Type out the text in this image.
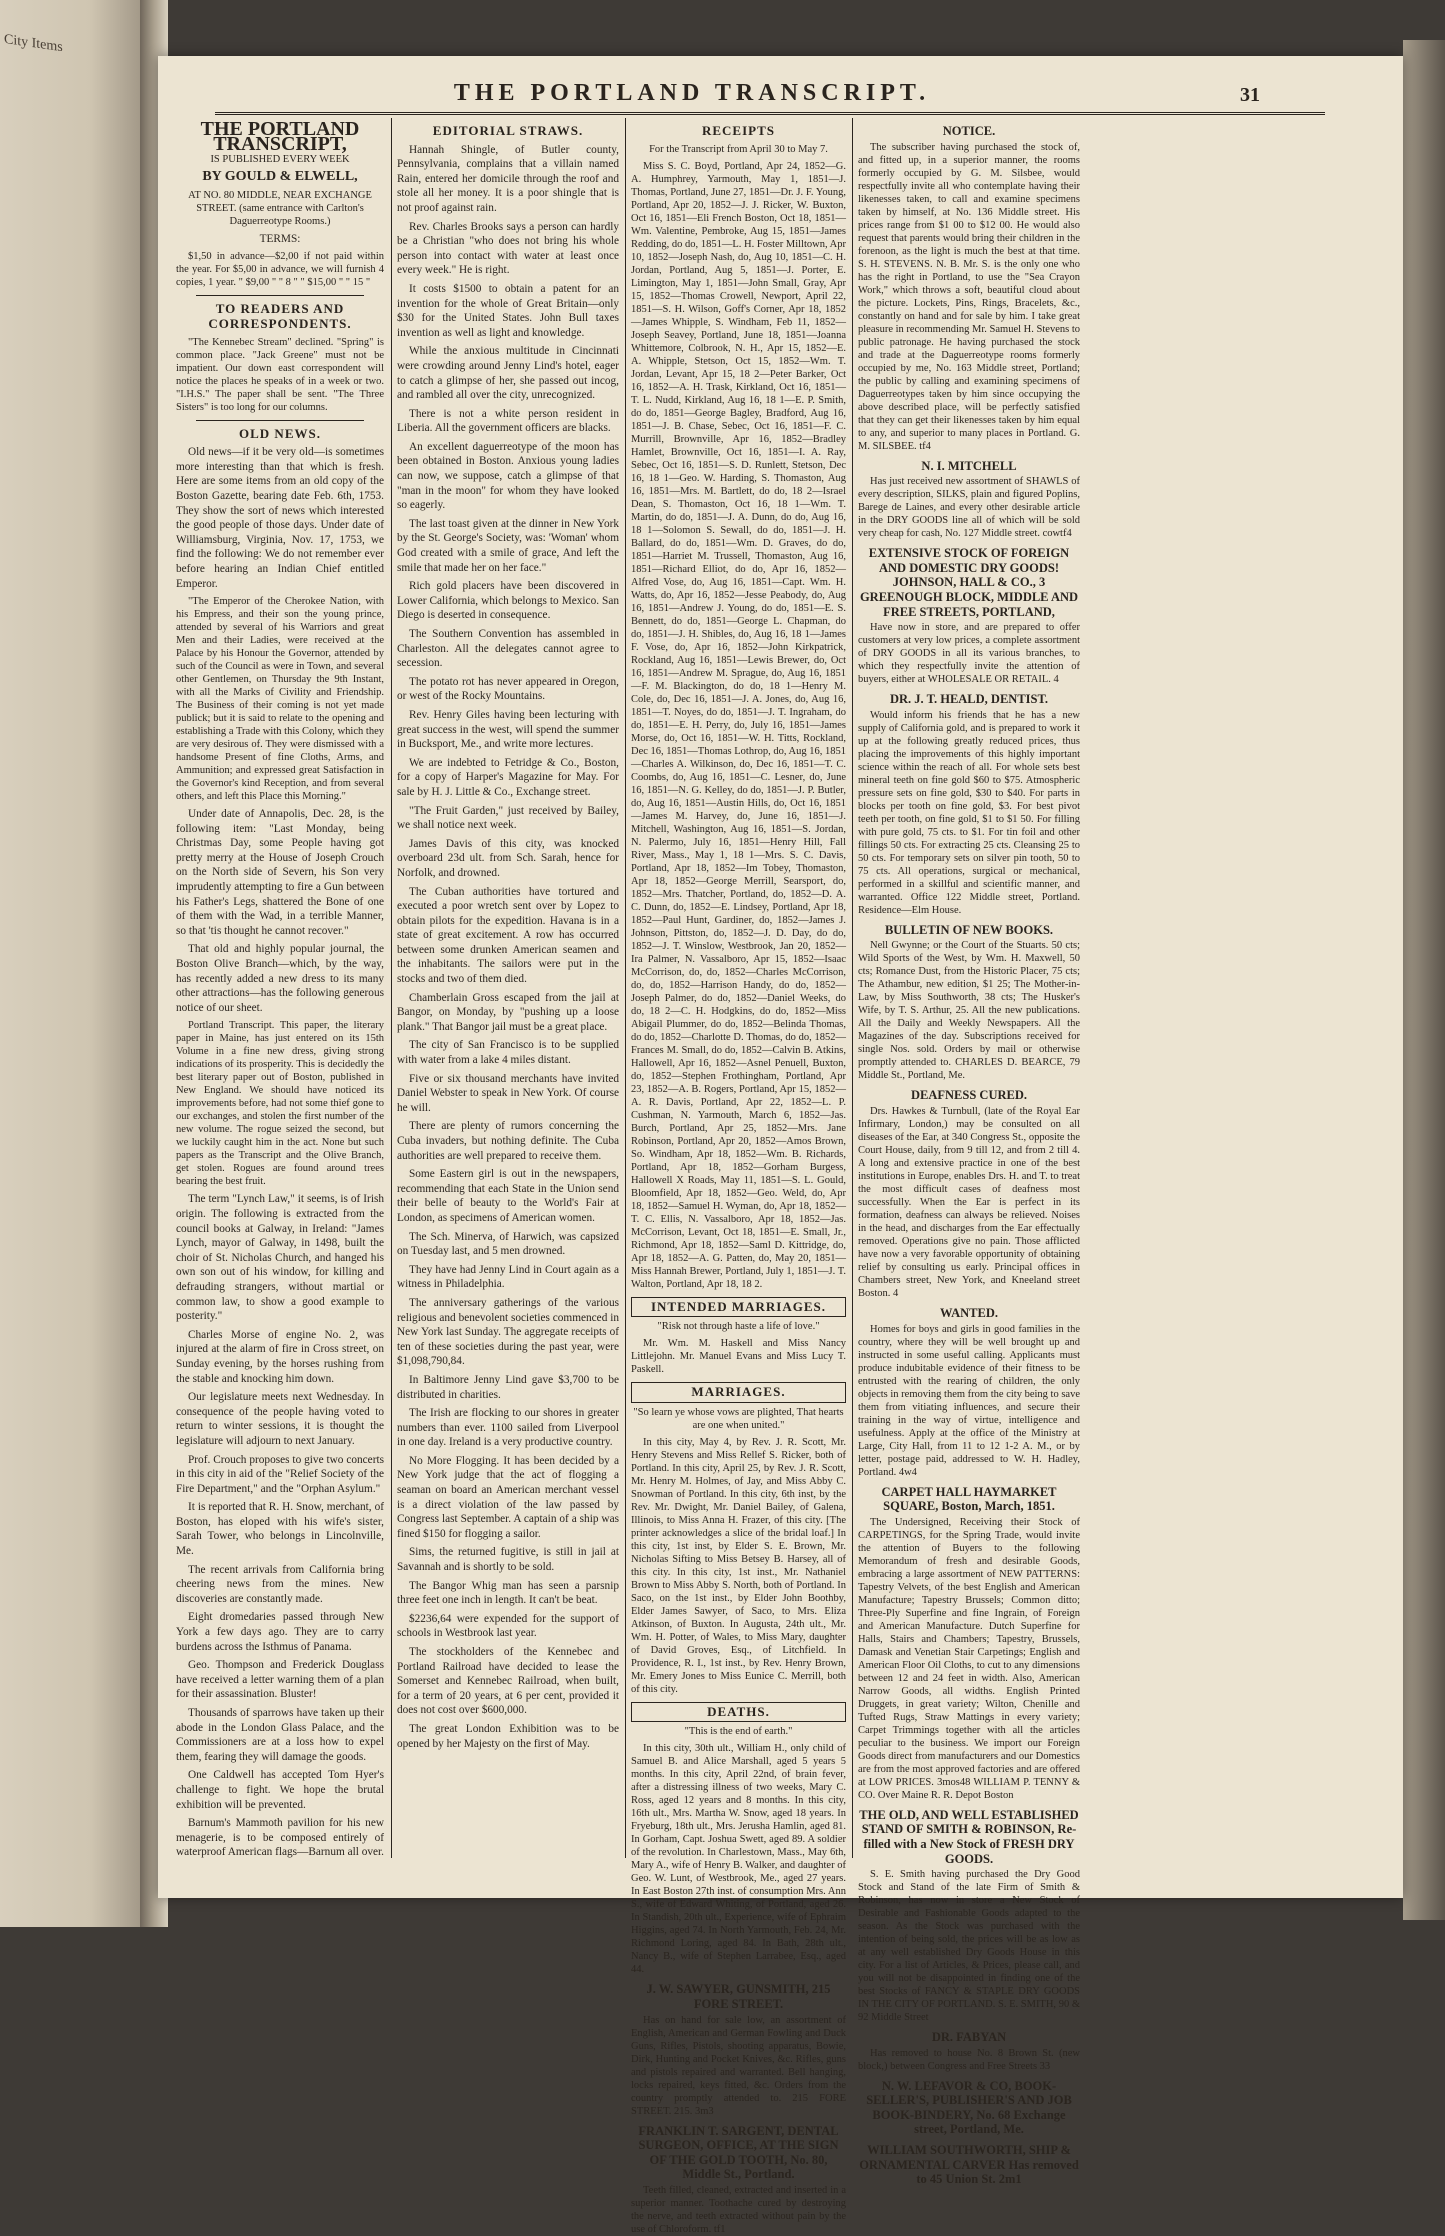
City Items
THE PORTLAND TRANSCRIPT.	31
THE PORTLAND TRANSCRIPT,

IS PUBLISHED EVERY WEEK

BY GOULD & ELWELL,

AT NO. 80 MIDDLE, NEAR EXCHANGE STREET. (same entrance with Carlton's Daguerreotype Rooms.)

TERMS:

$1,50 in advance—$2,00 if not paid within the year. For $5,00 in advance, we will furnish 4 copies, 1 year. " $9,00 " " 8 " " $15,00 " " 15 "

TO READERS AND CORRESPONDENTS.

"The Kennebec Stream" declined. "Spring" is common place. "Jack Greene" must not be impatient. Our down east correspondent will notice the places he speaks of in a week or two. "I.H.S." The paper shall be sent. "The Three Sisters" is too long for our columns.

OLD NEWS.

Old news—if it be very old—is sometimes more interesting than that which is fresh. Here are some items from an old copy of the Boston Gazette, bearing date Feb. 6th, 1753. They show the sort of news which interested the good people of those days. Under date of Williamsburg, Virginia, Nov. 17, 1753, we find the following: We do not remember ever before hearing an Indian Chief entitled Emperor.

"The Emperor of the Cherokee Nation, with his Empress, and their son the young prince, attended by several of his Warriors and great Men and their Ladies, were received at the Palace by his Honour the Governor, attended by such of the Council as were in Town, and several other Gentlemen, on Thursday the 9th Instant, with all the Marks of Civility and Friendship. The Business of their coming is not yet made publick; but it is said to relate to the opening and establishing a Trade with this Colony, which they are very desirous of. They were dismissed with a handsome Present of fine Cloths, Arms, and Ammunition; and expressed great Satisfaction in the Governor's kind Reception, and from several others, and left this Place this Morning."

Under date of Annapolis, Dec. 28, is the following item: "Last Monday, being Christmas Day, some People having got pretty merry at the House of Joseph Crouch on the North side of Severn, his Son very imprudently attempting to fire a Gun between his Father's Legs, shattered the Bone of one of them with the Wad, in a terrible Manner, so that 'tis thought he cannot recover."

That old and highly popular journal, the Boston Olive Branch—which, by the way, has recently added a new dress to its many other attractions—has the following generous notice of our sheet.

Portland Transcript. This paper, the literary paper in Maine, has just entered on its 15th Volume in a fine new dress, giving strong indications of its prosperity. This is decidedly the best literary paper out of Boston, published in New England. We should have noticed its improvements before, had not some thief gone to our exchanges, and stolen the first number of the new volume. The rogue seized the second, but we luckily caught him in the act. None but such papers as the Transcript and the Olive Branch, get stolen. Rogues are found around trees bearing the best fruit.

The term "Lynch Law," it seems, is of Irish origin. The following is extracted from the council books at Galway, in Ireland: "James Lynch, mayor of Galway, in 1498, built the choir of St. Nicholas Church, and hanged his own son out of his window, for killing and defrauding strangers, without martial or common law, to show a good example to posterity."

Charles Morse of engine No. 2, was injured at the alarm of fire in Cross street, on Sunday evening, by the horses rushing from the stable and knocking him down.

Our legislature meets next Wednesday. In consequence of the people having voted to return to winter sessions, it is thought the legislature will adjourn to next January.

Prof. Crouch proposes to give two concerts in this city in aid of the "Relief Society of the Fire Department," and the "Orphan Asylum."

It is reported that R. H. Snow, merchant, of Boston, has eloped with his wife's sister, Sarah Tower, who belongs in Lincolnville, Me.

The recent arrivals from California bring cheering news from the mines. New discoveries are constantly made.

Eight dromedaries passed through New York a few days ago. They are to carry burdens across the Isthmus of Panama.

Geo. Thompson and Frederick Douglass have received a letter warning them of a plan for their assassination. Bluster!

Thousands of sparrows have taken up their abode in the London Glass Palace, and the Commissioners are at a loss how to expel them, fearing they will damage the goods.

One Caldwell has accepted Tom Hyer's challenge to fight. We hope the brutal exhibition will be prevented.

Barnum's Mammoth pavilion for his new menagerie, is to be composed entirely of waterproof American flags—Barnum all over.

EDITORIAL STRAWS.

Hannah Shingle, of Butler county, Pennsylvania, complains that a villain named Rain, entered her domicile through the roof and stole all her money. It is a poor shingle that is not proof against rain.

Rev. Charles Brooks says a person can hardly be a Christian "who does not bring his whole person into contact with water at least once every week." He is right.

It costs $1500 to obtain a patent for an invention for the whole of Great Britain—only $30 for the United States. John Bull taxes invention as well as light and knowledge.

While the anxious multitude in Cincinnati were crowding around Jenny Lind's hotel, eager to catch a glimpse of her, she passed out incog, and rambled all over the city, unrecognized.

There is not a white person resident in Liberia. All the government officers are blacks.

An excellent daguerreotype of the moon has been obtained in Boston. Anxious young ladies can now, we suppose, catch a glimpse of that "man in the moon" for whom they have looked so eagerly.

The last toast given at the dinner in New York by the St. George's Society, was: 'Woman' whom God created with a smile of grace, And left the smile that made her on her face."

Rich gold placers have been discovered in Lower California, which belongs to Mexico. San Diego is deserted in consequence.

The Southern Convention has assembled in Charleston. All the delegates cannot agree to secession.

The potato rot has never appeared in Oregon, or west of the Rocky Mountains.

Rev. Henry Giles having been lecturing with great success in the west, will spend the summer in Bucksport, Me., and write more lectures.

We are indebted to Fetridge & Co., Boston, for a copy of Harper's Magazine for May. For sale by H. J. Little & Co., Exchange street.

"The Fruit Garden," just received by Bailey, we shall notice next week.

James Davis of this city, was knocked overboard 23d ult. from Sch. Sarah, hence for Norfolk, and drowned.

The Cuban authorities have tortured and executed a poor wretch sent over by Lopez to obtain pilots for the expedition. Havana is in a state of great excitement. A row has occurred between some drunken American seamen and the inhabitants. The sailors were put in the stocks and two of them died.

Chamberlain Gross escaped from the jail at Bangor, on Monday, by "pushing up a loose plank." That Bangor jail must be a great place.

The city of San Francisco is to be supplied with water from a lake 4 miles distant.

Five or six thousand merchants have invited Daniel Webster to speak in New York. Of course he will.

There are plenty of rumors concerning the Cuba invaders, but nothing definite. The Cuba authorities are well prepared to receive them.

Some Eastern girl is out in the newspapers, recommending that each State in the Union send their belle of beauty to the World's Fair at London, as specimens of American women.

The Sch. Minerva, of Harwich, was capsized on Tuesday last, and 5 men drowned.

They have had Jenny Lind in Court again as a witness in Philadelphia.

The anniversary gatherings of the various religious and benevolent societies commenced in New York last Sunday. The aggregate receipts of ten of these societies during the past year, were $1,098,790,84.

In Baltimore Jenny Lind gave $3,700 to be distributed in charities.

The Irish are flocking to our shores in greater numbers than ever. 1100 sailed from Liverpool in one day. Ireland is a very productive country.

No More Flogging. It has been decided by a New York judge that the act of flogging a seaman on board an American merchant vessel is a direct violation of the law passed by Congress last September. A captain of a ship was fined $150 for flogging a sailor.

Sims, the returned fugitive, is still in jail at Savannah and is shortly to be sold.

The Bangor Whig man has seen a parsnip three feet one inch in length. It can't be beat.

$2236,64 were expended for the support of schools in Westbrook last year.

The stockholders of the Kennebec and Portland Railroad have decided to lease the Somerset and Kennebec Railroad, when built, for a term of 20 years, at 6 per cent, provided it does not cost over $600,000.

The great London Exhibition was to be opened by her Majesty on the first of May.

RECEIPTS

For the Transcript from April 30 to May 7.

Miss S. C. Boyd, Portland, Apr 24, 1852—G. A. Humphrey, Yarmouth, May 1, 1851—J. Thomas, Portland, June 27, 1851—Dr. J. F. Young, Portland, Apr 20, 1852—J. J. Ricker, W. Buxton, Oct 16, 1851—Eli French Boston, Oct 18, 1851—Wm. Valentine, Pembroke, Aug 15, 1851—James Redding, do do, 1851—L. H. Foster Milltown, Apr 10, 1852—Joseph Nash, do, Aug 10, 1851—C. H. Jordan, Portland, Aug 5, 1851—J. Porter, E. Limington, May 1, 1851—John Small, Gray, Apr 15, 1852—Thomas Crowell, Newport, April 22, 1851—S. H. Wilson, Goff's Corner, Apr 18, 1852—James Whipple, S. Windham, Feb 11, 1852—Joseph Seavey, Portland, June 18, 1851—Joanna Whittemore, Colbrook, N. H., Apr 15, 1852—E. A. Whipple, Stetson, Oct 15, 1852—Wm. T. Jordan, Levant, Apr 15, 18 2—Peter Barker, Oct 16, 1852—A. H. Trask, Kirkland, Oct 16, 1851—T. L. Nudd, Kirkland, Aug 16, 18 1—E. P. Smith, do do, 1851—George Bagley, Bradford, Aug 16, 1851—J. B. Chase, Sebec, Oct 16, 1851—F. C. Murrill, Brownville, Apr 16, 1852—Bradley Hamlet, Brownville, Oct 16, 1851—I. A. Ray, Sebec, Oct 16, 1851—S. D. Runlett, Stetson, Dec 16, 18 1—Geo. W. Harding, S. Thomaston, Aug 16, 1851—Mrs. M. Bartlett, do do, 18 2—Israel Dean, S. Thomaston, Oct 16, 18 1—Wm. T. Martin, do do, 1851—J. A. Dunn, do do, Aug 16, 18 1—Solomon S. Sewall, do do, 1851—J. H. Ballard, do do, 1851—Wm. D. Graves, do do, 1851—Harriet M. Trussell, Thomaston, Aug 16, 1851—Richard Elliot, do do, Apr 16, 1852—Alfred Vose, do, Aug 16, 1851—Capt. Wm. H. Watts, do, Apr 16, 1852—Jesse Peabody, do, Aug 16, 1851—Andrew J. Young, do do, 1851—E. S. Bennett, do do, 1851—George L. Chapman, do do, 1851—J. H. Shibles, do, Aug 16, 18 1—James F. Vose, do, Apr 16, 1852—John Kirkpatrick, Rockland, Aug 16, 1851—Lewis Brewer, do, Oct 16, 1851—Andrew M. Sprague, do, Aug 16, 1851—F. M. Blackington, do do, 18 1—Henry M. Cole, do, Dec 16, 1851—J. A. Jones, do, Aug 16, 1851—T. Noyes, do do, 1851—J. T. Ingraham, do do, 1851—E. H. Perry, do, July 16, 1851—James Morse, do, Oct 16, 1851—W. H. Titts, Rockland, Dec 16, 1851—Thomas Lothrop, do, Aug 16, 1851—Charles A. Wilkinson, do, Dec 16, 1851—T. C. Coombs, do, Aug 16, 1851—C. Lesner, do, June 16, 1851—N. G. Kelley, do do, 1851—J. P. Butler, do, Aug 16, 1851—Austin Hills, do, Oct 16, 1851—James M. Harvey, do, June 16, 1851—J. Mitchell, Washington, Aug 16, 1851—S. Jordan, N. Palermo, July 16, 1851—Henry Hill, Fall River, Mass., May 1, 18 1—Mrs. S. C. Davis, Portland, Apr 18, 1852—Im Tobey, Thomaston, Apr 18, 1852—George Merrill, Searsport, do, 1852—Mrs. Thatcher, Portland, do, 1852—D. A. C. Dunn, do, 1852—E. Lindsey, Portland, Apr 18, 1852—Paul Hunt, Gardiner, do, 1852—James J. Johnson, Pittston, do, 1852—J. D. Day, do do, 1852—J. T. Winslow, Westbrook, Jan 20, 1852—Ira Palmer, N. Vassalboro, Apr 15, 1852—Isaac McCorrison, do, do, 1852—Charles McCorrison, do, do, 1852—Harrison Handy, do do, 1852—Joseph Palmer, do do, 1852—Daniel Weeks, do do, 18 2—C. H. Hodgkins, do do, 1852—Miss Abigail Plummer, do do, 1852—Belinda Thomas, do do, 1852—Charlotte D. Thomas, do do, 1852—Frances M. Small, do do, 1852—Calvin B. Atkins, Hallowell, Apr 16, 1852—Asnel Penuell, Buxton, do, 1852—Stephen Frothingham, Portland, Apr 23, 1852—A. B. Rogers, Portland, Apr 15, 1852—A. R. Davis, Portland, Apr 22, 1852—L. P. Cushman, N. Yarmouth, March 6, 1852—Jas. Burch, Portland, Apr 25, 1852—Mrs. Jane Robinson, Portland, Apr 20, 1852—Amos Brown, So. Windham, Apr 18, 1852—Wm. B. Richards, Portland, Apr 18, 1852—Gorham Burgess, Hallowell X Roads, May 11, 1851—S. L. Gould, Bloomfield, Apr 18, 1852—Geo. Weld, do, Apr 18, 1852—Samuel H. Wyman, do, Apr 18, 1852—T. C. Ellis, N. Vassalboro, Apr 18, 1852—Jas. McCorrison, Levant, Oct 18, 1851—E. Small, Jr., Richmond, Apr 18, 1852—Saml D. Kittridge, do, Apr 18, 1852—A. G. Patten, do, May 20, 1851—Miss Hannah Brewer, Portland, July 1, 1851—J. T. Walton, Portland, Apr 18, 18 2.

INTENDED MARRIAGES.

"Risk not through haste a life of love."

Mr. Wm. M. Haskell and Miss Nancy Littlejohn. Mr. Manuel Evans and Miss Lucy T. Paskell.

MARRIAGES.

"So learn ye whose vows are plighted, That hearts are one when united."

In this city, May 4, by Rev. J. R. Scott, Mr. Henry Stevens and Miss Rellef S. Ricker, both of Portland. In this city, April 25, by Rev. J. R. Scott, Mr. Henry M. Holmes, of Jay, and Miss Abby C. Snowman of Portland. In this city, 6th inst, by the Rev. Mr. Dwight, Mr. Daniel Bailey, of Galena, Illinois, to Miss Anna H. Frazer, of this city. [The printer acknowledges a slice of the bridal loaf.] In this city, 1st inst, by Elder S. E. Brown, Mr. Nicholas Sifting to Miss Betsey B. Harsey, all of this city. In this city, 1st inst., Mr. Nathaniel Brown to Miss Abby S. North, both of Portland. In Saco, on the 1st inst., by Elder John Boothby, Elder James Sawyer, of Saco, to Mrs. Eliza Atkinson, of Buxton. In Augusta, 24th ult., Mr. Wm. H. Potter, of Wales, to Miss Mary, daughter of David Groves, Esq., of Litchfield. In Providence, R. I., 1st inst., by Rev. Henry Brown, Mr. Emery Jones to Miss Eunice C. Merrill, both of this city.

DEATHS.

"This is the end of earth."

In this city, 30th ult., William H., only child of Samuel B. and Alice Marshall, aged 5 years 5 months. In this city, April 22nd, of brain fever, after a distressing illness of two weeks, Mary C. Ross, aged 12 years and 8 months. In this city, 16th ult., Mrs. Martha W. Snow, aged 18 years. In Fryeburg, 18th ult., Mrs. Jerusha Hamlin, aged 81. In Gorham, Capt. Joshua Swett, aged 89. A soldier of the revolution. In Charlestown, Mass., May 6th, Mary A., wife of Henry B. Walker, and daughter of Geo. W. Lunt, of Westbrook, Me., aged 27 years. In East Boston 27th inst. of consumption Mrs. Ann S., wife of Edward Whiting, of Portland, aged 26. In Standish, 20th ult., Experience, wife of Ephraim Higgins, aged 74. In North Yarmouth, Feb. 24, Mr. Richmond Loring, aged 84. In Bath, 28th ult., Nancy B., wife of Stephen Larrabee, Esq., aged 44.

J. W. SAWYER, GUNSMITH, 215 FORE STREET.

Has on hand for sale low, an assortment of English, American and German Fowling and Duck Guns, Rifles, Pistols, shooting apparatus, Bowie, Dirk, Hunting and Pocket Knives, &c. Rifles, guns and pistols repaired and warranted. Bell hanging, locks repaired, keys fitted, &c. Orders from the country promptly attended to. 215 FORE STREET. 215. 3m3

FRANKLIN T. SARGENT, DENTAL SURGEON, OFFICE, AT THE SIGN OF THE GOLD TOOTH, No. 80, Middle St., Portland.

Teeth filled, cleaned, extracted and inserted in a superior manner. Toothache cured by destroying the nerve, and teeth extracted without pain by the use of Chloroform. tf1

NOTICE.

The subscriber having purchased the stock of, and fitted up, in a superior manner, the rooms formerly occupied by G. M. Silsbee, would respectfully invite all who contemplate having their likenesses taken, to call and examine specimens taken by himself, at No. 136 Middle street. His prices range from $1 00 to $12 00. He would also request that parents would bring their children in the forenoon, as the light is much the best at that time. S. H. STEVENS. N. B. Mr. S. is the only one who has the right in Portland, to use the "Sea Crayon Work," which throws a soft, beautiful cloud about the picture. Lockets, Pins, Rings, Bracelets, &c., constantly on hand and for sale by him. I take great pleasure in recommending Mr. Samuel H. Stevens to public patronage. He having purchased the stock and trade at the Daguerreotype rooms formerly occupied by me, No. 163 Middle street, Portland; the public by calling and examining specimens of Daguerreotypes taken by him since occupying the above described place, will be perfectly satisfied that they can get their likenesses taken by him equal to any, and superior to many places in Portland. G. M. SILSBEE. tf4

N. I. MITCHELL

Has just received new assortment of SHAWLS of every description, SILKS, plain and figured Poplins, Barege de Laines, and every other desirable article in the DRY GOODS line all of which will be sold very cheap for cash, No. 127 Middle street. cowtf4

EXTENSIVE STOCK OF FOREIGN AND DOMESTIC DRY GOODS! JOHNSON, HALL & CO., 3 GREENOUGH BLOCK, MIDDLE AND FREE STREETS, PORTLAND,

Have now in store, and are prepared to offer customers at very low prices, a complete assortment of DRY GOODS in all its various branches, to which they respectfully invite the attention of buyers, either at WHOLESALE OR RETAIL. 4

DR. J. T. HEALD, DENTIST.

Would inform his friends that he has a new supply of California gold, and is prepared to work it up at the following greatly reduced prices, thus placing the improvements of this highly important science within the reach of all. For whole sets best mineral teeth on fine gold $60 to $75. Atmospheric pressure sets on fine gold, $30 to $40. For parts in blocks per tooth on fine gold, $3. For best pivot teeth per tooth, on fine gold, $1 to $1 50. For filling with pure gold, 75 cts. to $1. For tin foil and other fillings 50 cts. For extracting 25 cts. Cleansing 25 to 50 cts. For temporary sets on silver pin tooth, 50 to 75 cts. All operations, surgical or mechanical, performed in a skillful and scientific manner, and warranted. Office 122 Middle street, Portland. Residence—Elm House.

BULLETIN OF NEW BOOKS.

Nell Gwynne; or the Court of the Stuarts. 50 cts; Wild Sports of the West, by Wm. H. Maxwell, 50 cts; Romance Dust, from the Historic Placer, 75 cts; The Athambur, new edition, $1 25; The Mother-in-Law, by Miss Southworth, 38 cts; The Husker's Wife, by T. S. Arthur, 25. All the new publications. All the Daily and Weekly Newspapers. All the Magazines of the day. Subscriptions received for single Nos. sold. Orders by mail or otherwise promptly attended to. CHARLES D. BEARCE, 79 Middle St., Portland, Me.

DEAFNESS CURED.

Drs. Hawkes & Turnbull, (late of the Royal Ear Infirmary, London,) may be consulted on all diseases of the Ear, at 340 Congress St., opposite the Court House, daily, from 9 till 12, and from 2 till 4. A long and extensive practice in one of the best institutions in Europe, enables Drs. H. and T. to treat the most difficult cases of deafness most successfully. When the Ear is perfect in its formation, deafness can always be relieved. Noises in the head, and discharges from the Ear effectually removed. Operations give no pain. Those afflicted have now a very favorable opportunity of obtaining relief by consulting us early. Principal offices in Chambers street, New York, and Kneeland street Boston. 4

WANTED.

Homes for boys and girls in good families in the country, where they will be well brought up and instructed in some useful calling. Applicants must produce indubitable evidence of their fitness to be entrusted with the rearing of children, the only objects in removing them from the city being to save them from vitiating influences, and secure their training in the way of virtue, intelligence and usefulness. Apply at the office of the Ministry at Large, City Hall, from 11 to 12 1-2 A. M., or by letter, postage paid, addressed to W. H. Hadley, Portland. 4w4

CARPET HALL HAYMARKET SQUARE, Boston, March, 1851.

The Undersigned, Receiving their Stock of CARPETINGS, for the Spring Trade, would invite the attention of Buyers to the following Memorandum of fresh and desirable Goods, embracing a large assortment of NEW PATTERNS: Tapestry Velvets, of the best English and American Manufacture; Tapestry Brussels; Common ditto; Three-Ply Superfine and fine Ingrain, of Foreign and American Manufacture. Dutch Superfine for Halls, Stairs and Chambers; Tapestry, Brussels, Damask and Venetian Stair Carpetings; English and American Floor Oil Cloths, to cut to any dimensions between 12 and 24 feet in width. Also, American Narrow Goods, all widths. English Printed Druggets, in great variety; Wilton, Chenille and Tufted Rugs, Straw Mattings in every variety; Carpet Trimmings together with all the articles peculiar to the business. We import our Foreign Goods direct from manufacturers and our Domestics are from the most approved factories and are offered at LOW PRICES. 3mos48 WILLIAM P. TENNY & CO. Over Maine R. R. Depot Boston

THE OLD, AND WELL ESTABLISHED STAND OF SMITH & ROBINSON, Re-filled with a New Stock of FRESH DRY GOODS.

S. E. Smith having purchased the Dry Good Stock and Stand of the late Firm of Smith & Robinson, has now in store a New Stock of Desirable and Fashionable Goods adapted to the season. As the Stock was purchased with the intention of being sold, the prices will be as low as at any well established Dry Goods House in this city. For a list of Articles, & Prices, please call, and you will not be disappointed in finding one of the best Stocks of FANCY & STAPLE DRY GOODS IN THE CITY OF PORTLAND. S. E. SMITH, 90 & 92 Middle Street

DR. FABYAN

Has removed to house No. 8 Brown St. (new block,) between Congress and Free Streets 33

N. W. LEFAVOR & CO, BOOK-SELLER'S, PUBLISHER'S AND JOB BOOK-BINDERY, No. 68 Exchange street, Portland, Me.

WILLIAM SOUTHWORTH, SHIP & ORNAMENTAL CARVER Has removed to 45 Union St. 2m1
